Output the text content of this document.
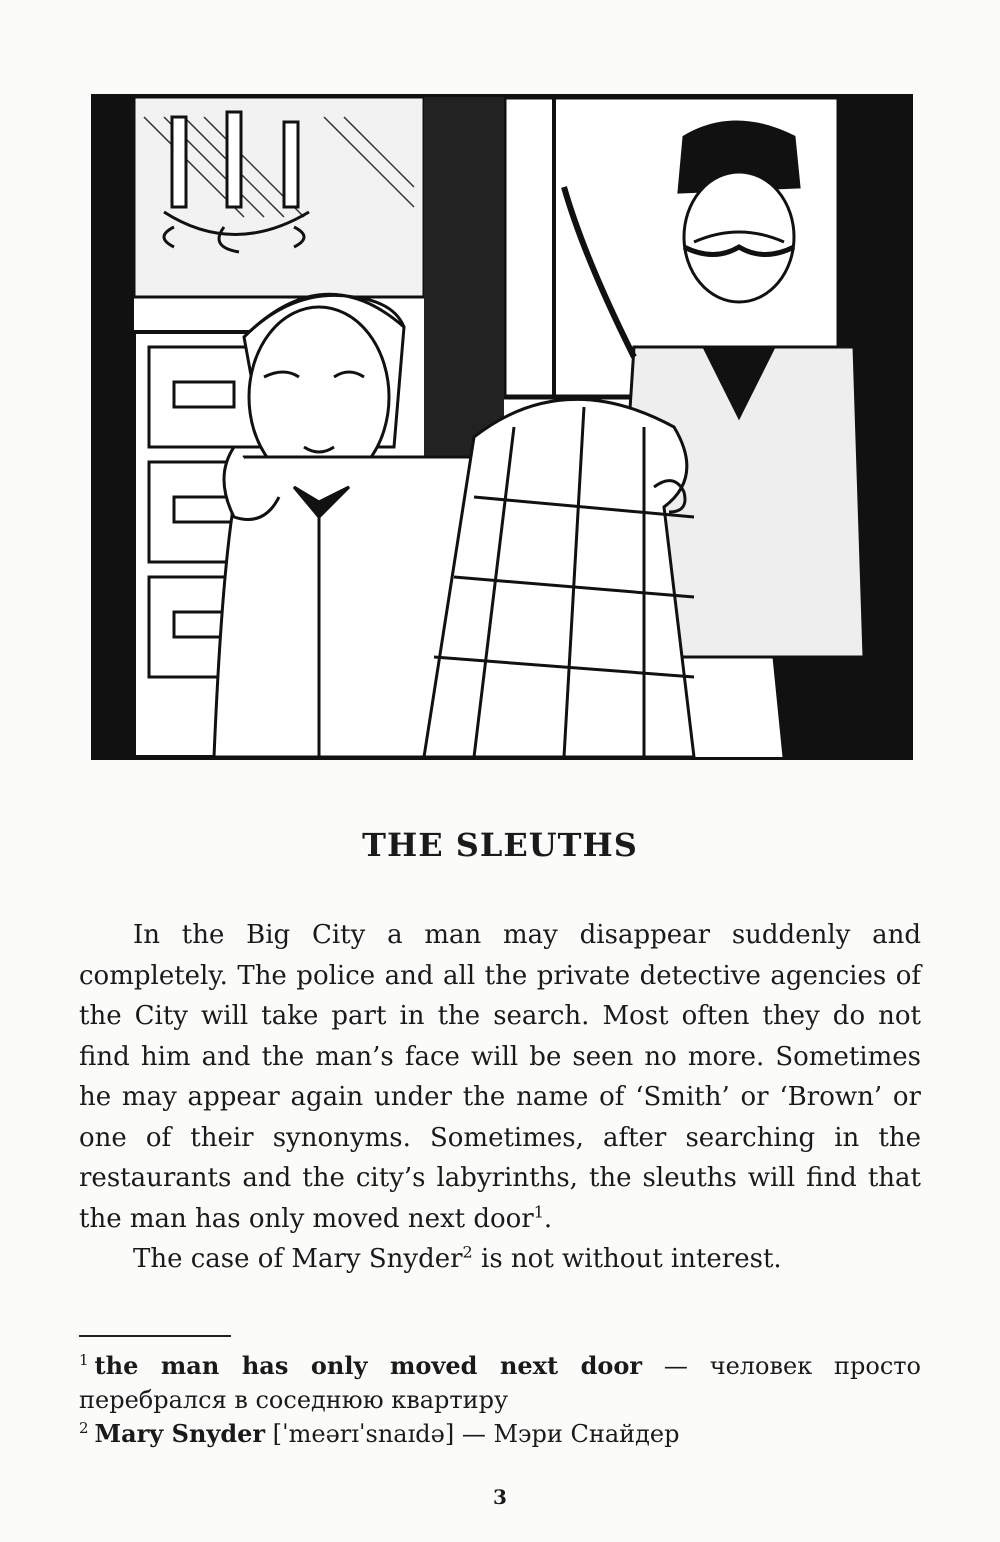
THE SLEUTHS

In the Big City a man may disappear suddenly and completely. The police and all the private detective agencies of the City will take part in the search. Most often they do not find him and the man’s face will be seen no more. Sometimes he may appear again under the name of ‘Smith’ or ‘Brown’ or one of their synonyms. Sometimes, after searching in the restaurants and the city’s labyrinths, the sleuths will find that the man has only moved next door$^1$.

The case of Mary Snyder$^2$ is not without interest.

$^1$ the man has only moved next door — человек просто перебрался в соседнюю квартиру

$^2$ Mary Snyder [ˈmeərɪˈsnaɪdə] — Мэри Снайдер

3
